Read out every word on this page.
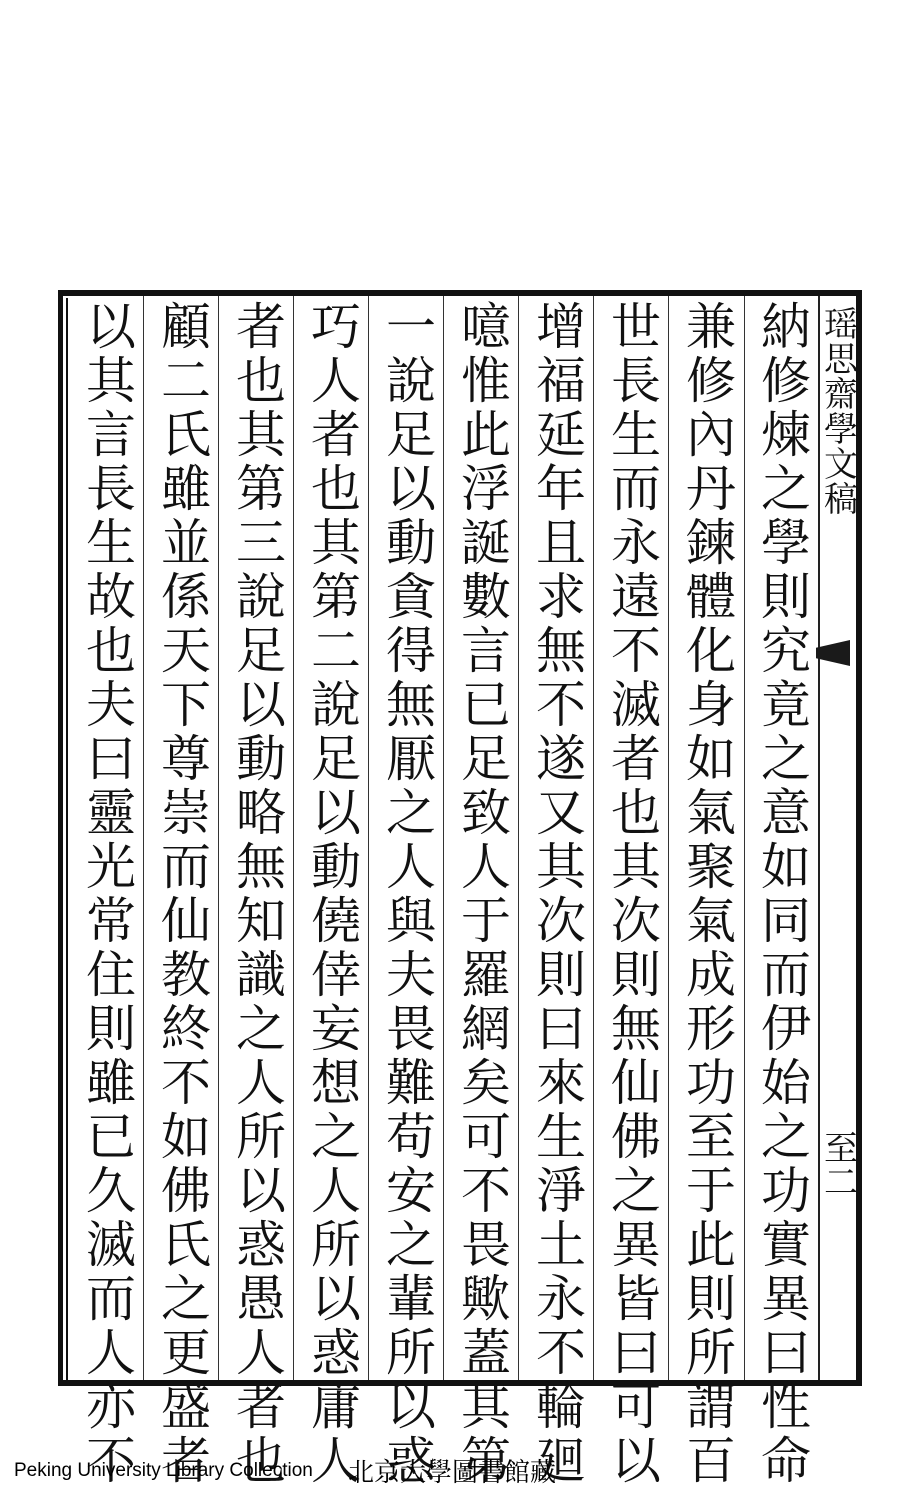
瑶思齋學文稿
至二
納修煉之學則究竟之意如同而伊始之功實異曰性命
兼修內丹鍊體化身如氣聚氣成形功至于此則所謂百
世長生而永遠不滅者也其次則無仙佛之異皆曰可以
增福延年且求無不遂又其次則曰來生淨土永不輪廻
噫惟此浮誕數言已足致人于羅網矣可不畏歟蓋其第
一說足以動貪得無厭之人與夫畏難苟安之輩所以惑
巧人者也其第二說足以動僥倖妄想之人所以惑庸人
者也其第三說足以動略無知識之人所以惑愚人者也
顧二氏雖並係天下尊崇而仙教終不如佛氏之更盛者
以其言長生故也夫曰靈光常住則雖已久滅而人亦不
Peking University Library Collection 北京大學圖書館藏
